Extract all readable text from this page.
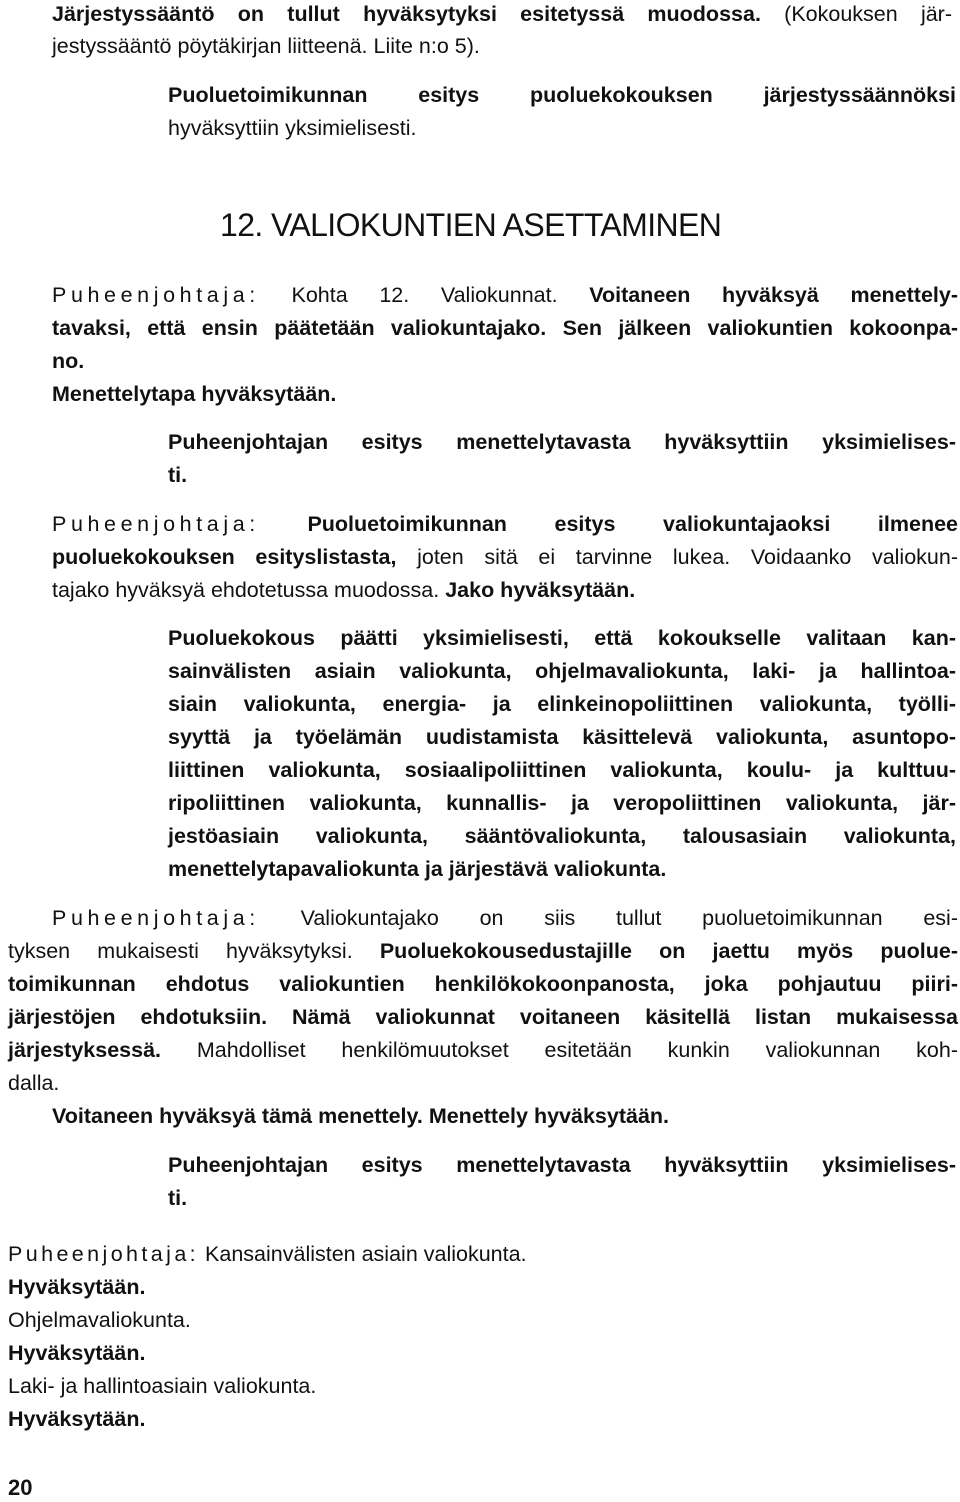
Järjestyssääntö on tullut hyväksytyksi esitetyssä muodossa. (Kokouksen jär-
jestyssääntö pöytäkirjan liitteenä. Liite n:o 5).
Puoluetoimikunnan esitys puoluekokouksen järjestyssäännöksi
hyväksyttiin yksimielisesti.
12. VALIOKUNTIEN ASETTAMINEN
Puheenjohtaja: Kohta 12. Valiokunnat. Voitaneen hyväksyä menettely-
tavaksi, että ensin päätetään valiokuntajako. Sen jälkeen valiokuntien kokoonpa-
no.
Menettelytapa hyväksytään.
Puheenjohtajan esitys menettelytavasta hyväksyttiin yksimielises-
ti.
Puheenjohtaja: Puoluetoimikunnan esitys valiokuntajaoksi ilmenee
puoluekokouksen esityslistasta, joten sitä ei tarvinne lukea. Voidaanko valiokun-
tajako hyväksyä ehdotetussa muodossa. Jako hyväksytään.
Puoluekokous päätti yksimielisesti, että kokoukselle valitaan kan-
sainvälisten asiain valiokunta, ohjelmavaliokunta, laki- ja hallintoa-
siain valiokunta, energia- ja elinkeinopoliittinen valiokunta, työlli-
syyttä ja työelämän uudistamista käsittelevä valiokunta, asuntopo-
liittinen valiokunta, sosiaalipoliittinen valiokunta, koulu- ja kulttuu-
ripoliittinen valiokunta, kunnallis- ja veropoliittinen valiokunta, jär-
jestöasiain valiokunta, sääntövaliokunta, talousasiain valiokunta,
menettelytapavaliokunta ja järjestävä valiokunta.
Puheenjohtaja: Valiokuntajako on siis tullut puoluetoimikunnan esi-
tyksen mukaisesti hyväksytyksi. Puoluekokousedustajille on jaettu myös puolue-
toimikunnan ehdotus valiokuntien henkilökokoonpanosta, joka pohjautuu piiri-
järjestöjen ehdotuksiin. Nämä valiokunnat voitaneen käsitellä listan mukaisessa
järjestyksessä. Mahdolliset henkilömuutokset esitetään kunkin valiokunnan koh-
dalla.
Voitaneen hyväksyä tämä menettely. Menettely hyväksytään.
Puheenjohtajan esitys menettelytavasta hyväksyttiin yksimielises-
ti.
Puheenjohtaja: Kansainvälisten asiain valiokunta.
Hyväksytään.
Ohjelmavaliokunta.
Hyväksytään.
Laki- ja hallintoasiain valiokunta.
Hyväksytään.
20
